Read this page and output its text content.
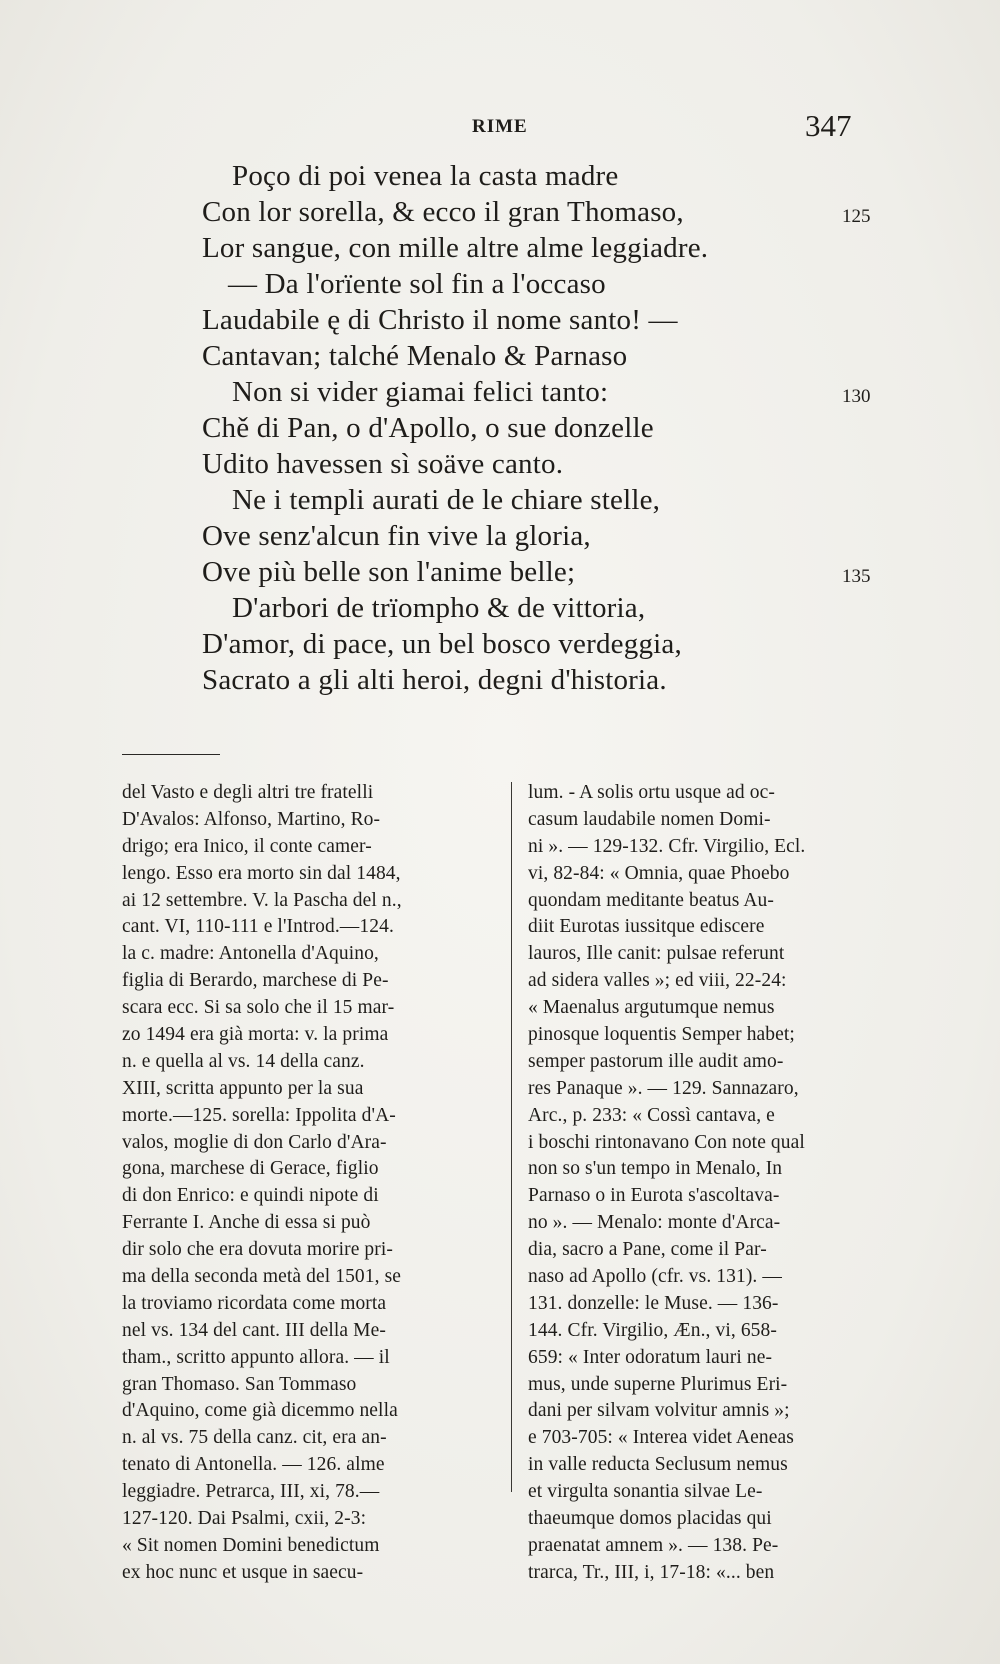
RIME	347
Poço di poi venea la casta madre
Con lor sorella, & ecco il gran Thomaso,
Lor sangue, con mille altre alme leggiadre.
— Da l'orïente sol fin a l'occaso
Laudabile ę di Christo il nome santo! —
Cantavan; talché Menalo & Parnaso
Non si vider giamai felici tanto:
Chě di Pan, o d'Apollo, o sue donzelle
Udito havessen sì soäve canto.
Ne i templi aurati de le chiare stelle,
Ove senz'alcun fin vive la gloria,
Ove più belle son l'anime belle;
D'arbori de trïompho & de vittoria,
D'amor, di pace, un bel bosco verdeggia,
Sacrato a gli alti heroi, degni d'historia.
125
130
135
del Vasto e degli altri tre fratelli
D'Avalos: Alfonso, Martino, Ro-
drigo; era Inico, il conte camer-
lengo. Esso era morto sin dal 1484,
ai 12 settembre. V. la Pascha del n.,
cant. VI, 110-111 e l'Introd.—124.
la c. madre: Antonella d'Aquino,
figlia di Berardo, marchese di Pe-
scara ecc. Si sa solo che il 15 mar-
zo 1494 era già morta: v. la prima
n. e quella al vs. 14 della canz.
XIII, scritta appunto per la sua
morte.—125. sorella: Ippolita d'A-
valos, moglie di don Carlo d'Ara-
gona, marchese di Gerace, figlio
di don Enrico: e quindi nipote di
Ferrante I. Anche di essa si può
dir solo che era dovuta morire pri-
ma della seconda metà del 1501, se
la troviamo ricordata come morta
nel vs. 134 del cant. III della Me-
tham., scritto appunto allora. — il
gran Thomaso. San Tommaso
d'Aquino, come già dicemmo nella
n. al vs. 75 della canz. cit, era an-
tenato di Antonella. — 126. alme
leggiadre. Petrarca, III, xi, 78.—
127-120. Dai Psalmi, cxii, 2-3:
« Sit nomen Domini benedictum
ex hoc nunc et usque in saecu-
lum. - A solis ortu usque ad oc-
casum laudabile nomen Domi-
ni ». — 129-132. Cfr. Virgilio, Ecl.
vi, 82-84: « Omnia, quae Phoebo
quondam meditante beatus Au-
diit Eurotas iussitque ediscere
lauros, Ille canit: pulsae referunt
ad sidera valles »; ed viii, 22-24:
« Maenalus argutumque nemus
pinosque loquentis Semper habet;
semper pastorum ille audit amo-
res Panaque ». — 129. Sannazaro,
Arc., p. 233: « Cossì cantava, e
i boschi rintonavano Con note qual
non so s'un tempo in Menalo, In
Parnaso o in Eurota s'ascoltava-
no ». — Menalo: monte d'Arca-
dia, sacro a Pane, come il Par-
naso ad Apollo (cfr. vs. 131). —
131. donzelle: le Muse. — 136-
144. Cfr. Virgilio, Æn., vi, 658-
659: « Inter odoratum lauri ne-
mus, unde superne Plurimus Eri-
dani per silvam volvitur amnis »;
e 703-705: « Interea videt Aeneas
in valle reducta Seclusum nemus
et virgulta sonantia silvae Le-
thaeumque domos placidas qui
praenatat amnem ». — 138. Pe-
trarca, Tr., III, i, 17-18: «... ben
